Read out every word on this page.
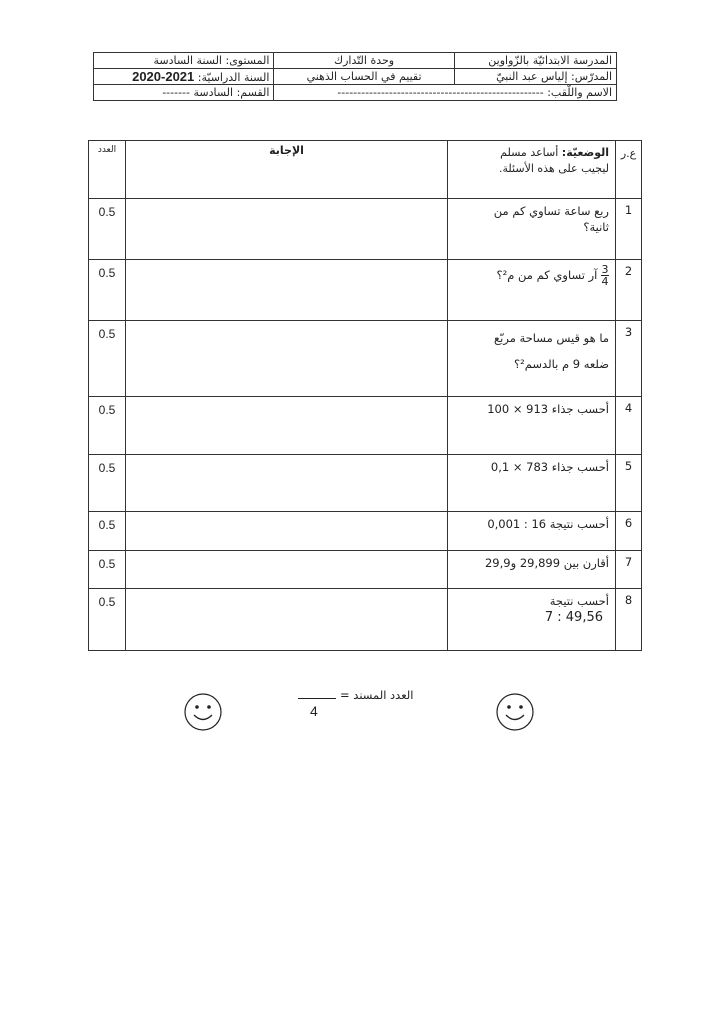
المدرسة الابتدائيّة بالزّواوين	وحدة التّدارك	المستوى: السنة السادسة
المدرّس: إلياس عبد النبيّ	تقييم في الحساب الذهني	السنة الدراسيّة: 2020-2021
الاسم واللّقب: ----------------------------------------------------		القسم: السادسة -------
ع.ر	الوضعيّة: أساعد مسلم
ليجيب على هذه الأسئلة.	الإجابة	العدد
1	ربع ساعة تساوي كم من
ثانية؟		0.5
2	$\frac{3}{4}$
آر تساوي كم من م²؟		0.5
3	ما هو قيس مساحة مربّع
ضلعه 9 م بالدسم²؟		0.5
4	أحسب جذاء 913 × 100		0.5
5	أحسب جذاء 783 × 0,1		0.5
6	أحسب نتيجة 16 : 0,001		0.5
7	أقارن بين 29,899 و29,9		0.5
8	أحسب نتيجة
7 : 49,56		0.5
العدد المسند =
4
